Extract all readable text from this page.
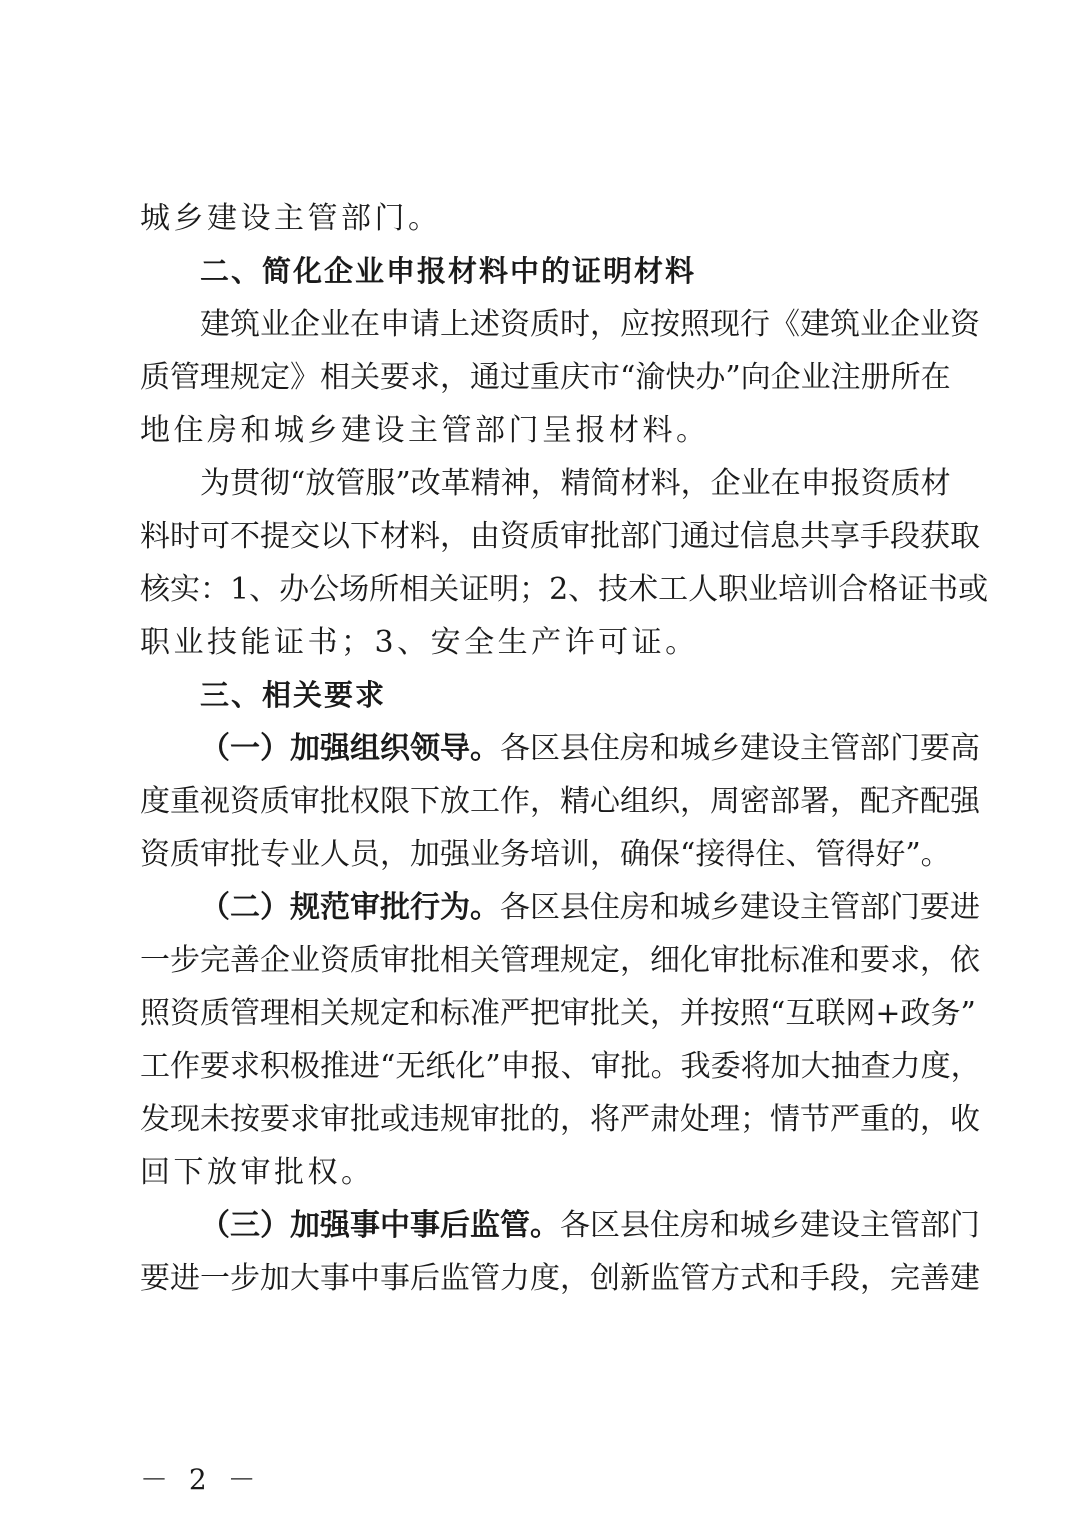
城乡建设主管部门。
二、简化企业申报材料中的证明材料
建筑业企业在申请上述资质时，应按照现行《建筑业企业资
质管理规定》相关要求，通过重庆市“渝快办”向企业注册所在
地住房和城乡建设主管部门呈报材料。
为贯彻“放管服”改革精神，精简材料，企业在申报资质材
料时可不提交以下材料，由资质审批部门通过信息共享手段获取
核实：1、办公场所相关证明；2、技术工人职业培训合格证书或
职业技能证书；3、安全生产许可证。
三、相关要求
（一）加强组织领导。各区县住房和城乡建设主管部门要高
度重视资质审批权限下放工作，精心组织，周密部署，配齐配强
资质审批专业人员，加强业务培训，确保“接得住、管得好”。
（二）规范审批行为。各区县住房和城乡建设主管部门要进
一步完善企业资质审批相关管理规定，细化审批标准和要求，依
照资质管理相关规定和标准严把审批关，并按照“互联网+政务”
工作要求积极推进“无纸化”申报、审批。我委将加大抽查力度，
发现未按要求审批或违规审批的，将严肃处理；情节严重的，收
回下放审批权。
（三）加强事中事后监管。各区县住房和城乡建设主管部门
要进一步加大事中事后监管力度，创新监管方式和手段，完善建
－ 2 －
